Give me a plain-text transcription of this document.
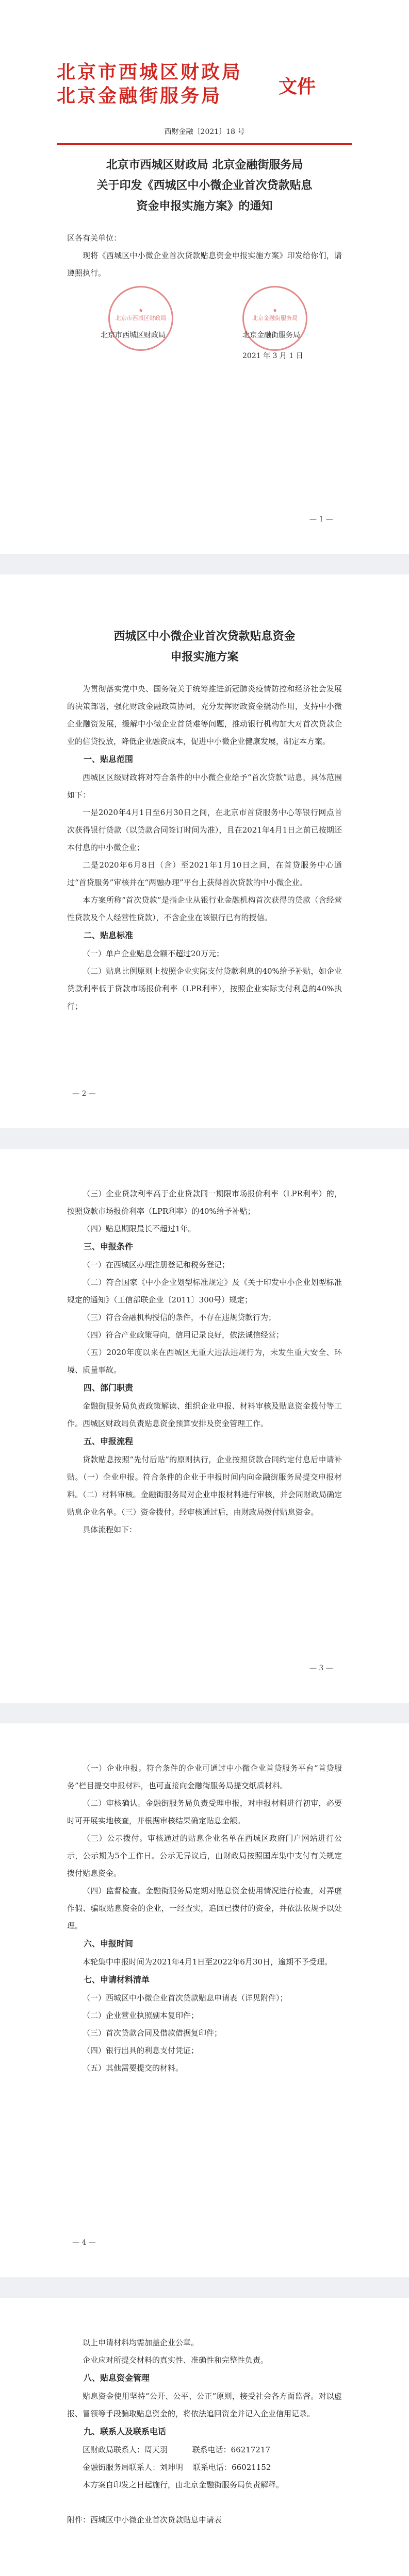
北京市西城区财政局
北京金融街服务局	文件
西财金融〔2021〕18 号

北京市西城区财政局 北京金融街服务局

关于印发《西城区中小微企业首次贷款贴息

资金申报实施方案》的通知

区各有关单位：

现将《西城区中小微企业首次贷款贴息资金申报实施方案》印发给你们，请遵照执行。

★
北京市西城区财政局
★
北京金融街服务局
北京市西城区财政局	北京金融街服务局
2021 年 3 月 1 日
— 1 —

西城区中小微企业首次贷款贴息资金

申报实施方案

为贯彻落实党中央、国务院关于统筹推进新冠肺炎疫情防控和经济社会发展的决策部署，强化财政金融政策协同，充分发挥财政资金撬动作用，支持中小微企业融资发展，缓解中小微企业首贷难等问题，推动银行机构加大对首次贷款企业的信贷投放，降低企业融资成本，促进中小微企业健康发展，制定本方案。

一、贴息范围

西城区区级财政将对符合条件的中小微企业给予“首次贷款”贴息，具体范围如下：

一是2020年4月1日至6月30日之间，在北京市首贷服务中心等银行网点首次获得银行贷款（以贷款合同签订时间为准），且在2021年4月1日之前已按期还本付息的中小微企业；

二是2020年6月8日（含）至2021年1月10日之间，在首贷服务中心通过“首贷服务”审核并在“两融办理”平台上获得首次贷款的中小微企业。

本方案所称“首次贷款”是指企业从银行业金融机构首次获得的贷款（含经营性贷款及个人经营性贷款），不含企业在该银行已有的授信。

二、贴息标准

（一）单户企业贴息金额不超过20万元；

（二）贴息比例原则上按照企业实际支付贷款利息的40%给予补贴，如企业贷款利率低于贷款市场报价利率（LPR利率），按照企业实际支付利息的40%执行；

— 2 —

（三）企业贷款利率高于企业贷款同一期限市场报价利率（LPR利率）的，按照贷款市场报价利率（LPR利率）的40%给予补贴；

（四）贴息期限最长不超过1年。

三、申报条件

（一）在西城区办理注册登记和税务登记；

（二）符合国家《中小企业划型标准规定》及《关于印发中小企业划型标准规定的通知》（工信部联企业〔2011〕300号）规定；

（三）符合金融机构授信的条件，不存在违规贷款行为；

（四）符合产业政策导向，信用记录良好，依法诚信经营；

（五）2020年度以来在西城区无重大违法违规行为，未发生重大安全、环境、质量事故。

四、部门职责

金融街服务局负责政策解读、组织企业申报、材料审核及贴息资金拨付等工作。西城区财政局负责贴息资金预算安排及资金管理工作。

五、申报流程

贷款贴息按照“先付后贴”的原则执行，企业按照贷款合同约定付息后申请补贴。（一）企业申报。符合条件的企业于申报时间内向金融街服务局提交申报材料。（二）材料审核。金融街服务局对企业申报材料进行审核，并会同财政局确定贴息企业名单。（三）资金拨付。经审核通过后，由财政局拨付贴息资金。

具体流程如下：

— 3 —

（一）企业申报。符合条件的企业可通过中小微企业首贷服务平台“首贷服务”栏目提交申报材料，也可直接向金融街服务局提交纸质材料。

（二）审核确认。金融街服务局负责受理申报，对申报材料进行初审，必要时可开展实地核查，并根据审核结果确定贴息金额。

（三）公示拨付。审核通过的贴息企业名单在西城区政府门户网站进行公示，公示期为5个工作日。公示无异议后，由财政局按照国库集中支付有关规定拨付贴息资金。

（四）监督检查。金融街服务局定期对贴息资金使用情况进行检查，对弄虚作假、骗取贴息资金的企业，一经查实，追回已拨付的资金，并依法依规予以处理。

六、申报时间

本轮集中申报时间为2021年4月1日至2022年6月30日，逾期不予受理。

七、申请材料清单

（一）西城区中小微企业首次贷款贴息申请表（详见附件）；

（二）企业营业执照副本复印件；

（三）首次贷款合同及借款借据复印件；

（四）银行出具的利息支付凭证；

（五）其他需要提交的材料。

— 4 —

以上申请材料均需加盖企业公章。

企业应对所提交材料的真实性、准确性和完整性负责。

八、贴息资金管理

贴息资金使用坚持“公开、公平、公正”原则，接受社会各方面监督。对以虚报、冒领等手段骗取贴息资金的，将依法追回资金并记入企业信用记录。

九、联系人及联系电话

区财政局联系人：周天羽          联系电话：66217217

金融街服务局联系人：刘坤明    联系电话：66021152

本方案自印发之日起施行，由北京金融街服务局负责解释。

附件：西城区中小微企业首次贷款贴息申请表
